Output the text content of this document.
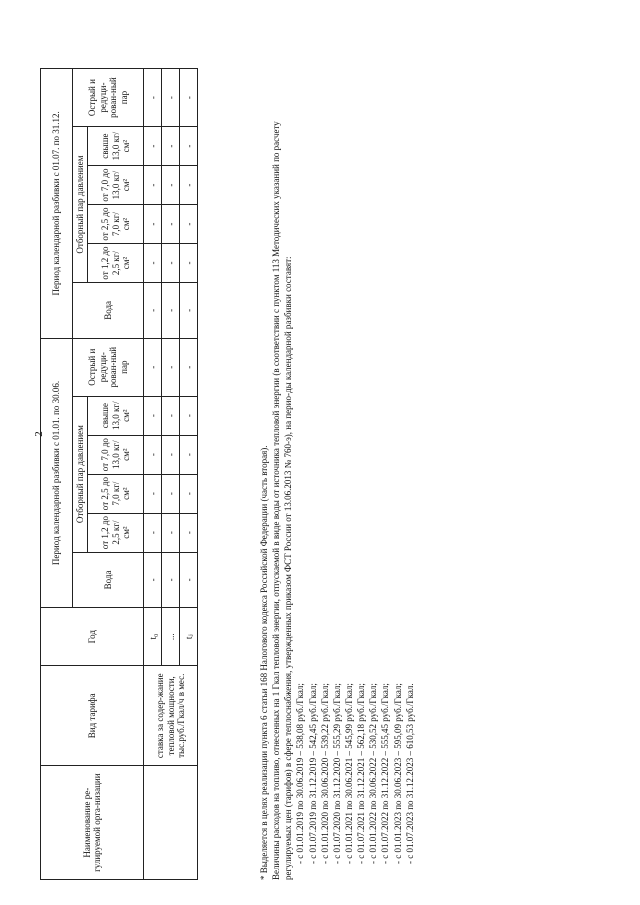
2
Наименование ре-гулируемой орга-низации	Вид тарифа	Год	Период календарной разбивки с 01.01. по 30.06.						Период календарной разбивки с 01.07. по 31.12.					
			Вода	Отборный пар давлением				Острый и редуци-рован-ный пар	Вода	Отборный пар давлением				Острый и редуци-рован-ный пар
				от 1,2 до 2,5 кг/см²	от 2,5 до 7,0 кг/см²	от 7,0 до 13,0 кг/см²	свыше 13,0 кг/см²			от 1,2 до 2,5 кг/см²	от 2,5 до 7,0 кг/см²	от 7,0 до 13,0 кг/см²	свыше 13,0 кг/см²	
	ставка за содер-жание тепловой мощности, тыс.руб./Гкал/ч в мес.	t₀	-	-	-	-	-	-	-	-	-	-	-	-
		...	-	-	-	-	-	-	-	-	-	-	-	-
		tⱼ	-	-	-	-	-	-	-	-	-	-	-	-

* Выделяется в целях реализации пункта 6 статьи 168 Налогового кодекса Российской Федерации (часть вторая). Величины расходов на топливо, отнесенных на 1 Гкал тепловой энергии, отпускаемой в виде воды от источника тепловой энергии (в соответствии с пунктом 113 Методических указаний по расчету регулируемых цен (тарифов) в сфере теплоснабжения, утвержденных приказом ФСТ России от 13.06.2013 № 760-э), на перио-ды календарной разбивки составят: - с 01.01.2019 по 30.06.2019 – 538,08 руб./Гкал; - с 01.07.2019 по 31.12.2019 – 542,45 руб./Гкал; - с 01.01.2020 по 30.06.2020 – 539,22 руб./Гкал; - с 01.07.2020 по 31.12.2020 – 555,29 руб./Гкал; - с 01.01.2021 по 30.06.2021 – 545,99 руб./Гкал; - с 01.07.2021 по 31.12.2021 – 562,18 руб./Гкал; - с 01.01.2022 по 30.06.2022 – 530,52 руб./Гкал; - с 01.07.2022 по 31.12.2022 – 555,45 руб./Гкал; - с 01.01.2023 по 30.06.2023 – 595,09 руб./Гкал; - с 01.07.2023 по 31.12.2023 – 610,53 руб./Гкал.
